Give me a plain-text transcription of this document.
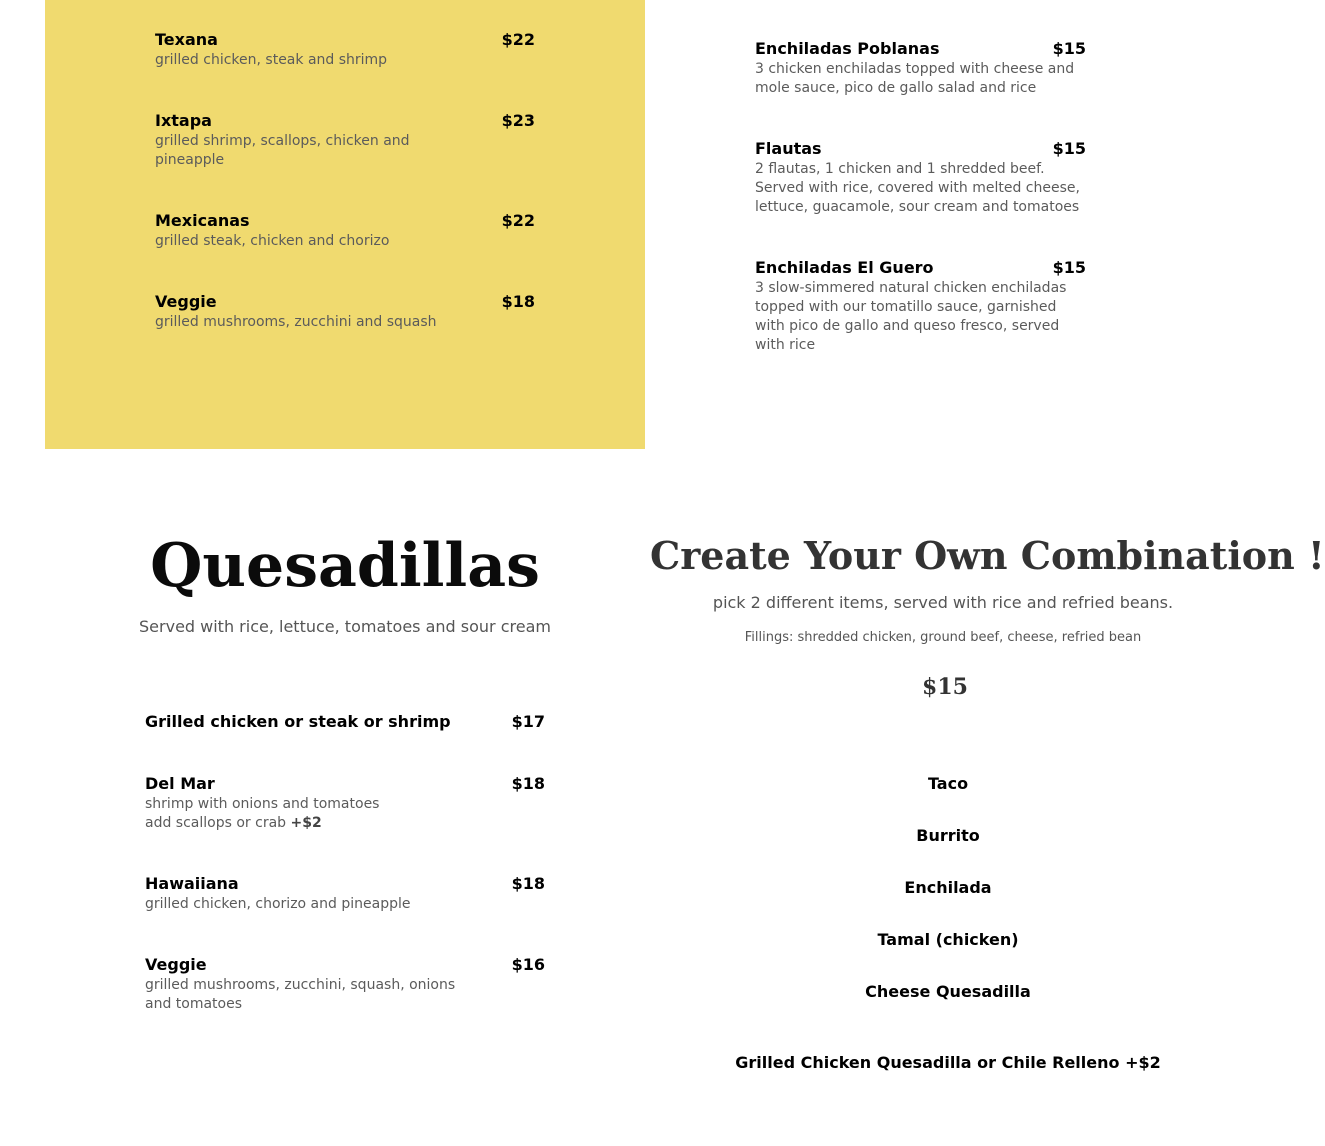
Texana	$22
grilled chicken, steak and shrimp
Ixtapa	$23
grilled shrimp, scallops, chicken and
pineapple
Mexicanas	$22
grilled steak, chicken and chorizo
Veggie	$18
grilled mushrooms, zucchini and squash
Enchiladas Poblanas	$15
3 chicken enchiladas topped with cheese and
mole sauce, pico de gallo salad and rice
Flautas	$15
2 flautas, 1 chicken and 1 shredded beef.
Served with rice, covered with melted cheese,
lettuce, guacamole, sour cream and tomatoes
Enchiladas El Guero	$15
3 slow-simmered natural chicken enchiladas
topped with our tomatillo sauce, garnished
with pico de gallo and queso fresco, served
with rice
Quesadillas

Served with rice, lettuce, tomatoes and sour cream

Grilled chicken or steak or shrimp	$17
Del Mar	$18
shrimp with onions and tomatoes
add scallops or crab +$2
Hawaiiana	$18
grilled chicken, chorizo and pineapple
Veggie	$16
grilled mushrooms, zucchini, squash, onions
and tomatoes
Create Your Own Combination !

pick 2 different items, served with rice and refried beans.

Fillings: shredded chicken, ground beef, cheese, refried bean

$15
Taco
Burrito
Enchilada
Tamal (chicken)
Cheese Quesadilla
Grilled Chicken Quesadilla or Chile Relleno +$2
